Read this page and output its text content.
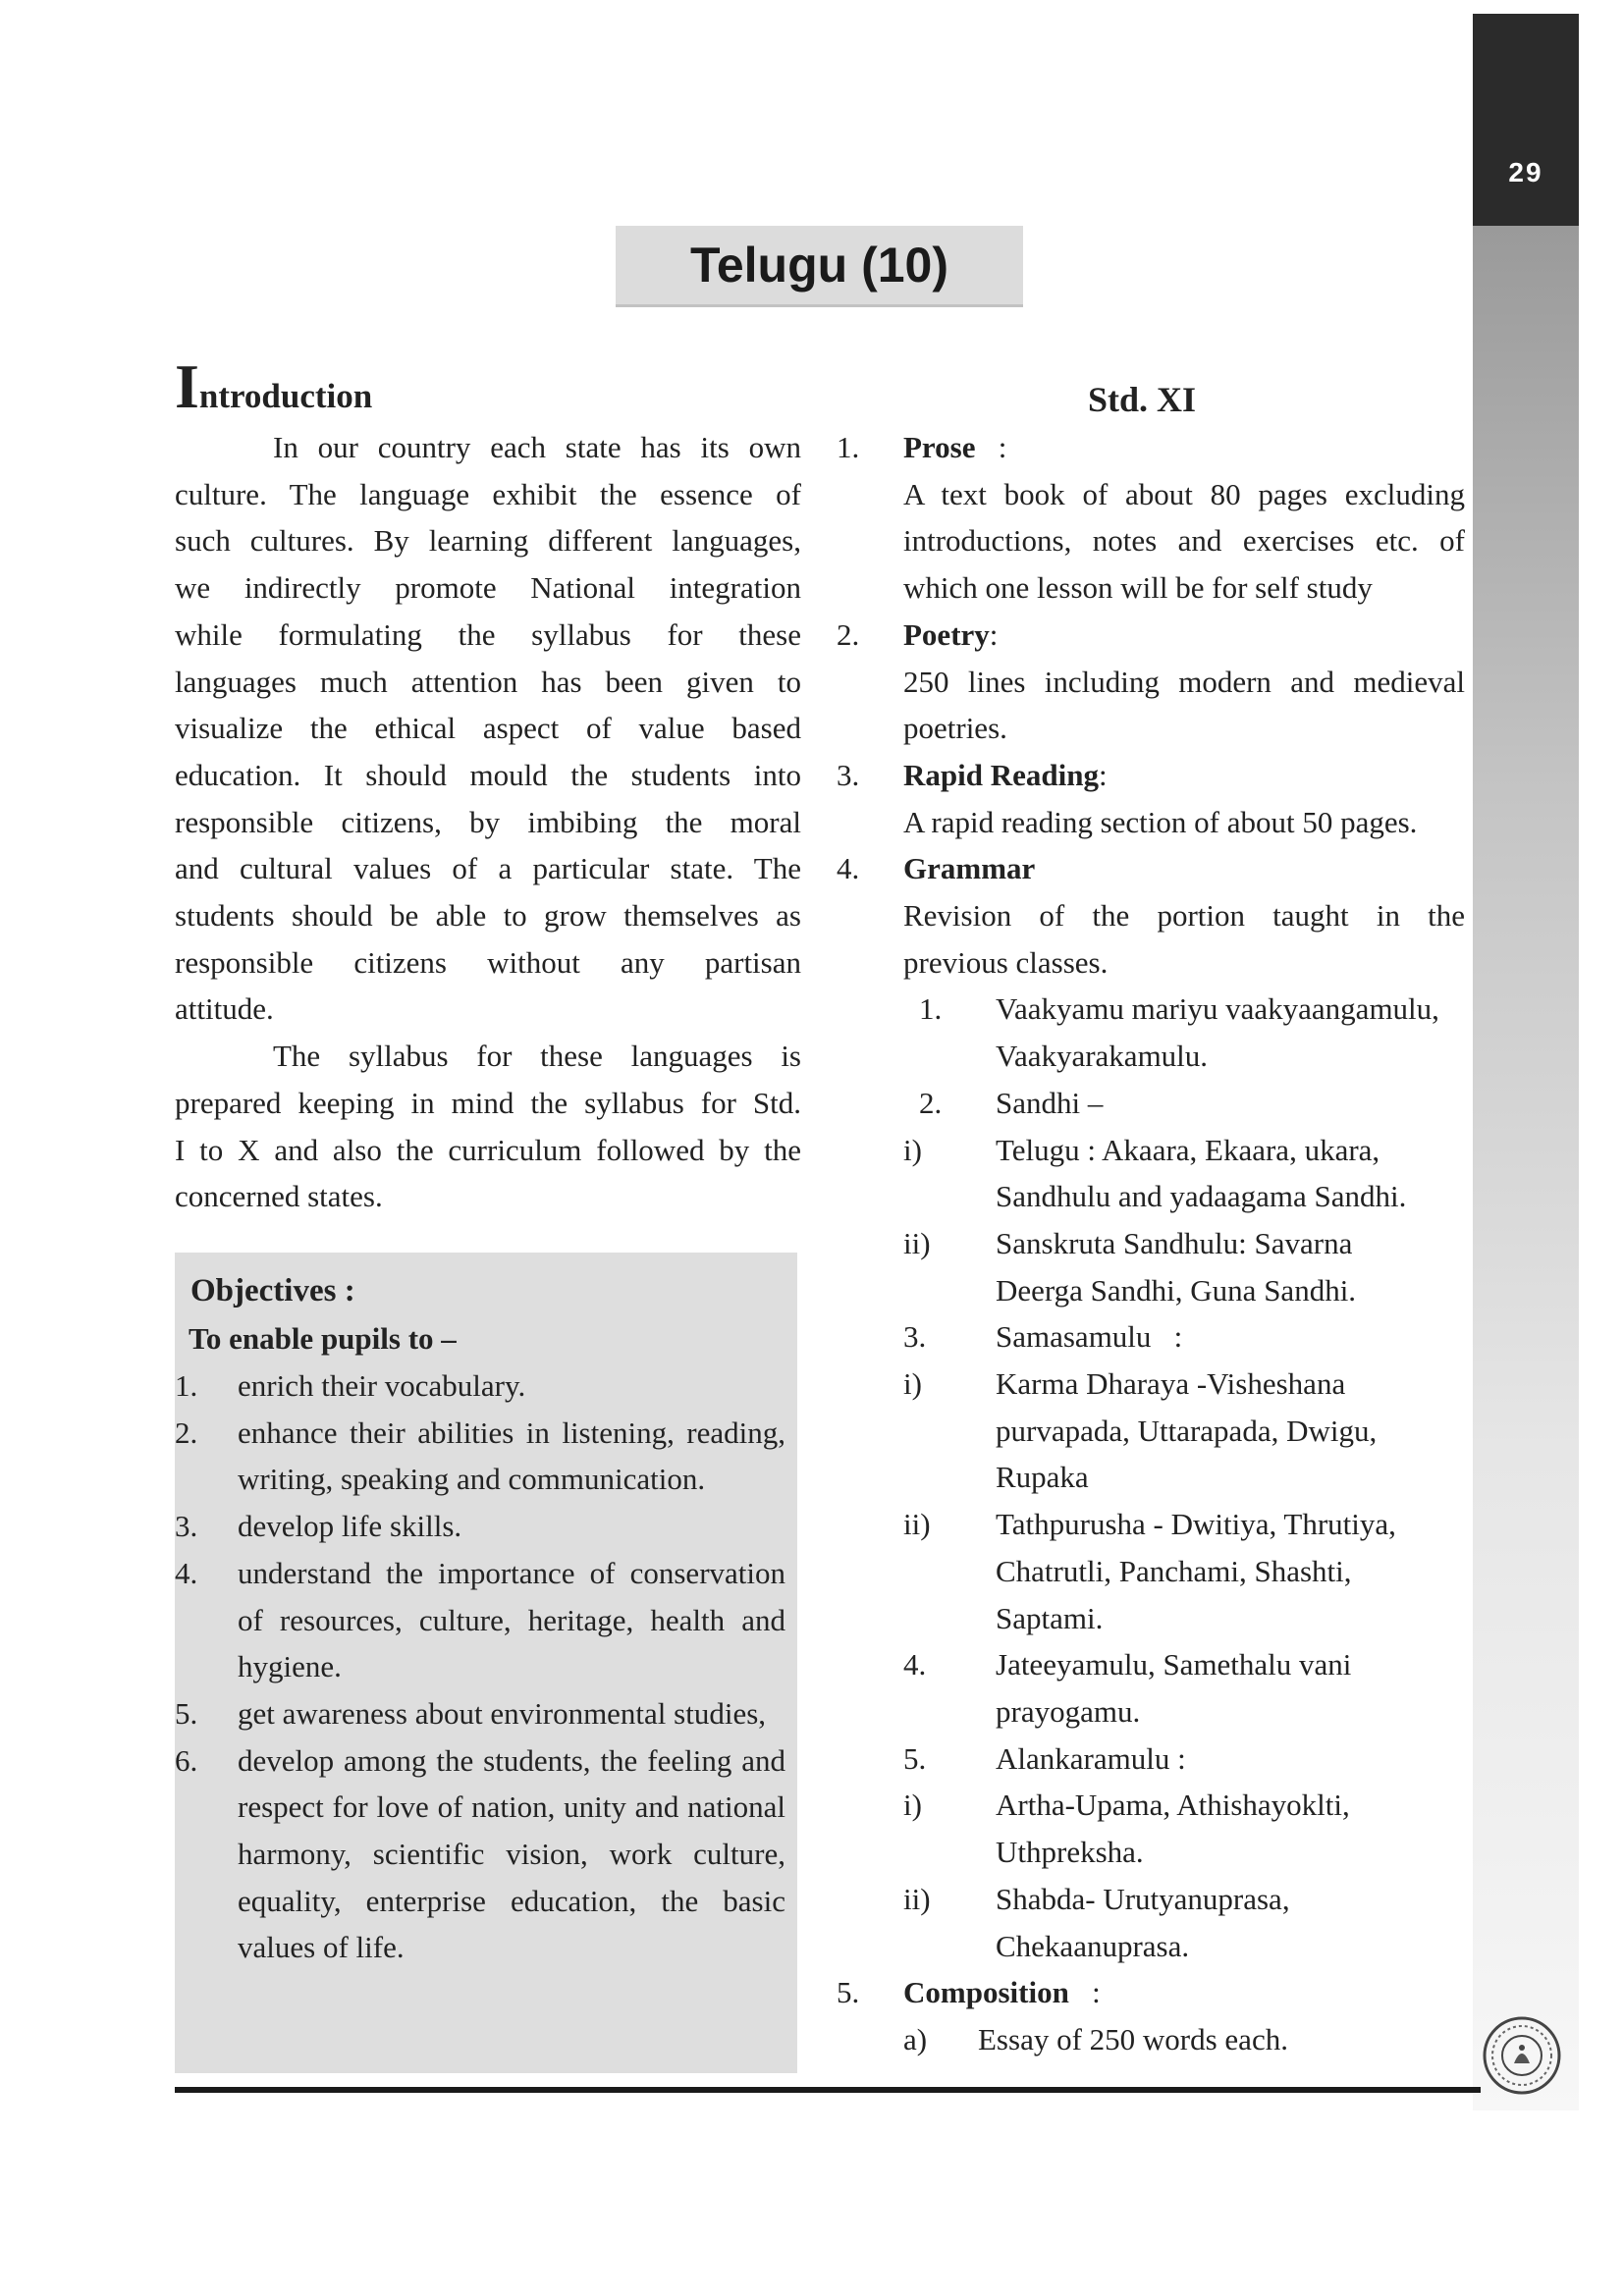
29
Telugu (10)
Introduction

In our country each state has its own

culture. The language exhibit the essence of

such cultures. By learning different languages,

we indirectly promote National integration

while formulating the syllabus for these

languages much attention has been given to

visualize the ethical aspect of value based

education. It should mould the students into

responsible citizens, by imbibing the moral

and cultural values of a particular state. The

students should be able to grow themselves as

responsible citizens without any partisan

attitude.

The syllabus for these languages is

prepared keeping in mind the syllabus for Std.

I to X and also the curriculum followed by the

concerned states.

Objectives :
To enable pupils to –
1. enrich their vocabulary.
2. enhance their abilities in listening, reading, writing, speaking and communication.
3. develop life skills.
4. understand the importance of conservation of resources, culture, heritage, health and hygiene.
5. get awareness about environmental studies,
6. develop among the students, the feeling and respect for love of nation, unity and national harmony, scientific vision, work culture, equality, enterprise education, the basic values of life.
Std. XI
1. Prose   :
A text book of about 80 pages excluding
introductions, notes and exercises etc. of
which one lesson will be for self study
2. Poetry:
250 lines including modern and medieval
poetries.
3. Rapid Reading:
A rapid reading section of about 50 pages.
4. Grammar
Revision of the portion taught in the
previous classes.
1. Vaakyamu mariyu vaakyaangamulu,
Vaakyarakamulu.
2. Sandhi –
i) Telugu : Akaara, Ekaara, ukara,
Sandhulu and yadaagama Sandhi.
ii) Sanskruta Sandhulu: Savarna
Deerga Sandhi, Guna Sandhi.
3. Samasamulu   :
i) Karma Dharaya -Visheshana
purvapada, Uttarapada, Dwigu,
Rupaka
ii) Tathpurusha - Dwitiya, Thrutiya,
Chatrutli, Panchami, Shashti,
Saptami.
4. Jateeyamulu, Samethalu vani
prayogamu.
5. Alankaramulu :
i) Artha-Upama, Athishayoklti,
Uthpreksha.
ii) Shabda- Urutyanuprasa,
Chekaanuprasa.
5. Composition   :
a) Essay of 250 words each.
